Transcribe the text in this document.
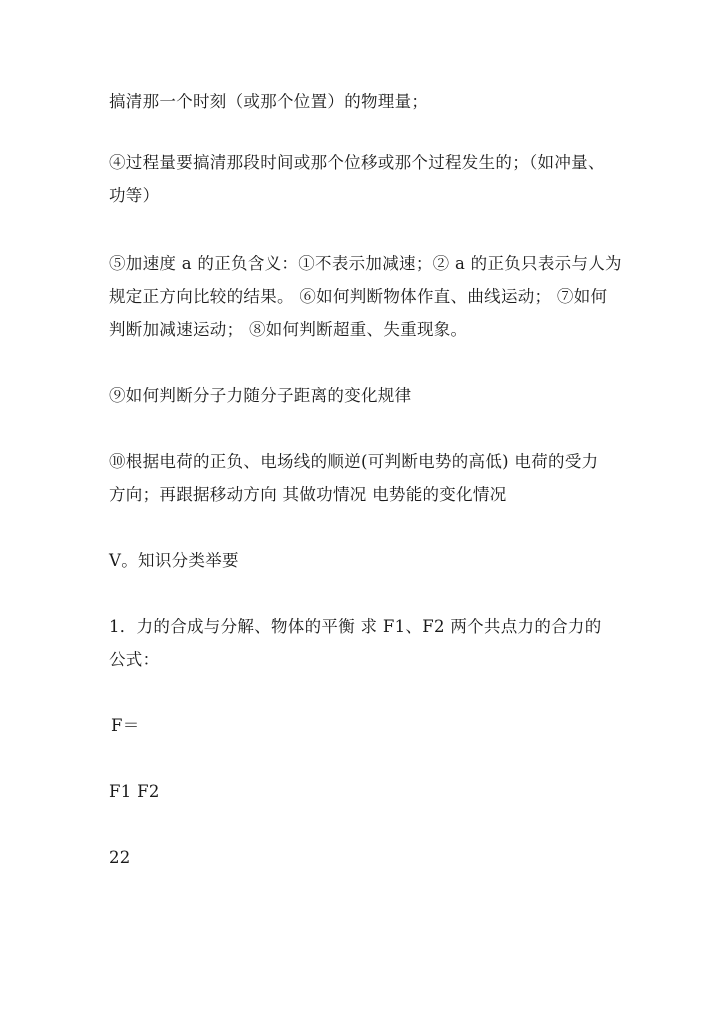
搞清那一个时刻（或那个位置）的物理量；
④过程量要搞清那段时间或那个位移或那个过程发生的；（如冲量、
功等）
⑤加速度 a 的正负含义：①不表示加减速；② a 的正负只表示与人为
规定正方向比较的结果。 ⑥如何判断物体作直、曲线运动； ⑦如何
判断加减速运动； ⑧如何判断超重、失重现象。
⑨如何判断分子力随分子距离的变化规律
⑩根据电荷的正负、电场线的顺逆(可判断电势的高低) 电荷的受力
方向；再跟据移动方向 其做功情况 电势能的变化情况
Ⅴ。知识分类举要
1．力的合成与分解、物体的平衡 求 F1、F2 两个共点力的合力的
公式：
F＝
F1 F2
22
